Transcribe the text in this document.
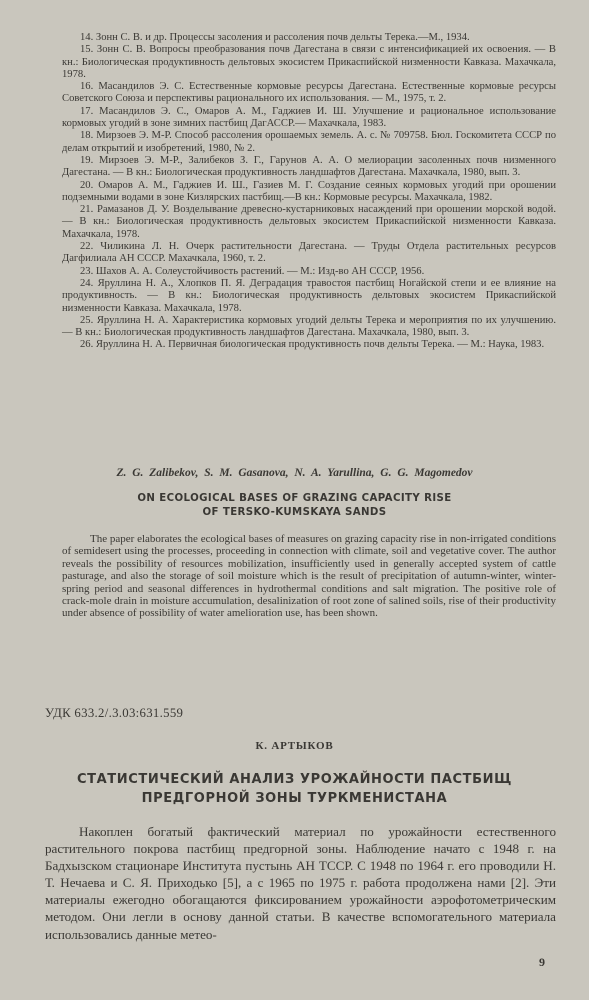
14. Зонн С. В. и др. Процессы засоления и рассоления почв дельты Терека.—М., 1934.

15. Зонн С. В. Вопросы преобразования почв Дагестана в связи с интенсификацией их освоения. — В кн.: Биологическая продуктивность дельтовых экосистем Прикаспийской низменности Кавказа. Махачкала, 1978.

16. Масандилов Э. С. Естественные кормовые ресурсы Дагестана. Естественные кормовые ресурсы Советского Союза и перспективы рационального их использования. — М., 1975, т. 2.

17. Масандилов Э. С., Омаров А. М., Гаджиев И. Ш. Улучшение и рациональное использование кормовых угодий в зоне зимних пастбищ ДагАССР.— Махачкала, 1983.

18. Мирзоев Э. М-Р. Способ рассоления орошаемых земель. А. с. № 709758. Бюл. Госкомитета СССР по делам открытий и изобретений, 1980, № 2.

19. Мирзоев Э. М-Р., Залибеков З. Г., Гарунов А. А. О мелиорации засоленных почв низменного Дагестана. — В кн.: Биологическая продуктивность ландшафтов Дагестана. Махачкала, 1980, вып. 3.

20. Омаров А. М., Гаджиев И. Ш., Газиев М. Г. Создание сеяных кормовых угодий при орошении подземными водами в зоне Кизлярских пастбищ.—В кн.: Кормовые ресурсы. Махачкала, 1982.

21. Рамазанов Д. У. Возделывание древесно-кустарниковых насаждений при орошении морской водой. — В кн.: Биологическая продуктивность дельтовых экосистем Прикаспийской низменности Кавказа. Махачкала, 1978.

22. Чиликина Л. Н. Очерк растительности Дагестана. — Труды Отдела растительных ресурсов Дагфилиала АН СССР. Махачкала, 1960, т. 2.

23. Шахов А. А. Солеустойчивость растений. — М.: Изд-во АН СССР, 1956.

24. Яруллина Н. А., Хлопков П. Я. Деградация травостоя пастбищ Ногайской степи и ее влияние на продуктивность. — В кн.: Биологическая продуктивность дельтовых экосистем Прикаспийской низменности Кавказа. Махачкала, 1978.

25. Яруллина Н. А. Характеристика кормовых угодий дельты Терека и мероприятия по их улучшению. — В кн.: Биологическая продуктивность ландшафтов Дагестана. Махачкала, 1980, вып. 3.

26. Яруллина Н. А. Первичная биологическая продуктивность почв дельты Терека. — М.: Наука, 1983.

Z. G. Zalibekov, S. M. Gasanova, N. A. Yarullina, G. G. Magomedov
ON ECOLOGICAL BASES OF GRAZING CAPACITY RISE
OF TERSKO-KUMSKAYA SANDS

The paper elaborates the ecological bases of measures on grazing capacity rise in non-irrigated conditions of semidesert using the processes, proceeding in connection with climate, soil and vegetative cover. The author reveals the possibility of resources mobilization, insufficiently used in generally accepted system of cattle pasturage, and also the storage of soil moisture which is the result of precipitation of autumn-winter, winter-spring period and seasonal differences in hydrothermal conditions and salt migration. The positive role of crack-mole drain in moisture accumulation, desalinization of root zone of salined soils, rise of their productivity under absence of possibility of water amelioration use, has been shown.

УДК 633.2/.3.03:631.559
К. АРТЫКОВ
СТАТИСТИЧЕСКИЙ АНАЛИЗ УРОЖАЙНОСТИ ПАСТБИЩ
ПРЕДГОРНОЙ ЗОНЫ ТУРКМЕНИСТАНА

Накоплен богатый фактический материал по урожайности естественного растительного покрова пастбищ предгорной зоны. Наблюдение начато с 1948 г. на Бадхызском стационаре Института пустынь АН ТССР. С 1948 по 1964 г. его проводили Н. Т. Нечаева и С. Я. Приходько [5], а с 1965 по 1975 г. работа продолжена нами [2]. Эти материалы ежегодно обогащаются фиксированием урожайности аэрофотометрическим методом. Они легли в основу данной статьи. В качестве вспомогательного материала использовались данные метео-

9
